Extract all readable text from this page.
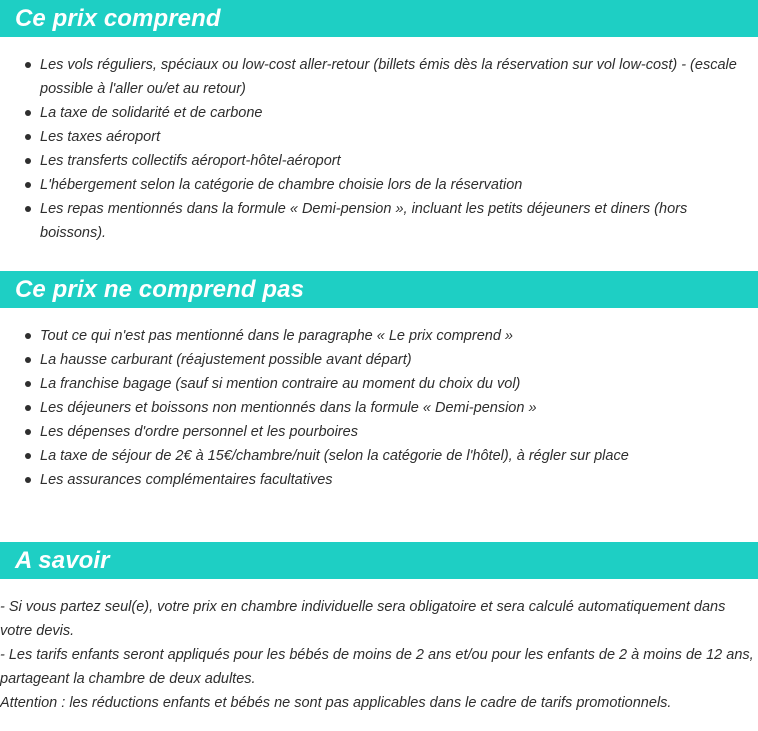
Ce prix comprend
Les vols réguliers, spéciaux ou low-cost aller-retour (billets émis dès la réservation sur vol low-cost) - (escale possible à l'aller ou/et au retour)
La taxe de solidarité et de carbone
Les taxes aéroport
Les transferts collectifs aéroport-hôtel-aéroport
L'hébergement selon la catégorie de chambre choisie lors de la réservation
Les repas mentionnés dans la formule « Demi-pension », incluant les petits déjeuners et diners (hors boissons).
Ce prix ne comprend pas
Tout ce qui n'est pas mentionné dans le paragraphe « Le prix comprend »
La hausse carburant (réajustement possible avant départ)
La franchise bagage (sauf si mention contraire au moment du choix du vol)
Les déjeuners et boissons non mentionnés dans la formule « Demi-pension »
Les dépenses d'ordre personnel et les pourboires
La taxe de séjour de 2€ à 15€/chambre/nuit (selon la catégorie de l'hôtel), à régler sur place
Les assurances complémentaires facultatives
A savoir

- Si vous partez seul(e), votre prix en chambre individuelle sera obligatoire et sera calculé automatiquement dans votre devis.

- Les tarifs enfants seront appliqués pour les bébés de moins de 2 ans et/ou pour les enfants de 2 à moins de 12 ans, partageant la chambre de deux adultes.

Attention : les réductions enfants et bébés ne sont pas applicables dans le cadre de tarifs promotionnels.
